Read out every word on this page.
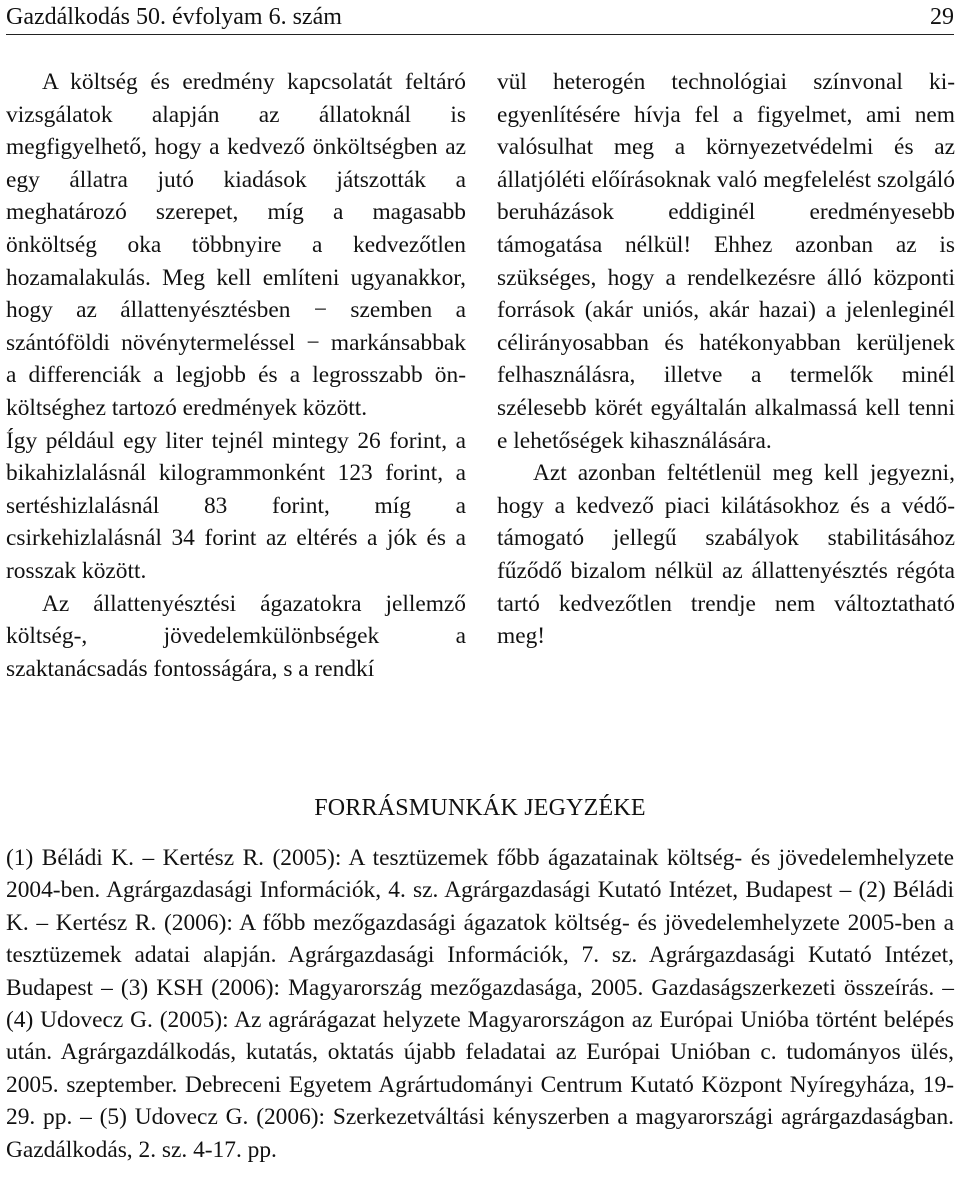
Gazdálkodás 50. évfolyam 6. szám	29

A költség és eredmény kapcsolatát feltáró vizsgálatok alapján az állatoknál is megfigyelhető, hogy a kedvező önköltségben az egy állatra jutó kiadások játszották a meghatározó szerepet, míg a magasabb önköltség oka többnyire a kedvezőtlen hozamalakulás. Meg kell említeni ugyanakkor, hogy az állattenyésztésben − szemben a szántóföldi növénytermeléssel − markánsabbak a differenciák a legjobb és a legrosszabb önköltséghez tartozó eredmények között.

Így például egy liter tejnél mintegy 26 forint, a bikahizlalásnál kilogrammonként 123 forint, a sertéshizlalásnál 83 forint, míg a csirkehizlalásnál 34 forint az eltérés a jók és a rosszak között.

Az állattenyésztési ágazatokra jellemző költség-, jövedelemkülönbségek a szaktanácsadás fontosságára, s a rendkí

vül heterogén technológiai színvonal kiegyenlítésére hívja fel a figyelmet, ami nem valósulhat meg a környezetvédelmi és az állatjóléti előírásoknak való megfelelést szolgáló beruházások eddiginél eredményesebb támogatása nélkül! Ehhez azonban az is szükséges, hogy a rendelkezésre álló központi források (akár uniós, akár hazai) a jelenleginél célirányosabban és hatékonyabban kerüljenek felhasználásra, illetve a termelők minél szélesebb körét egyáltalán alkalmassá kell tenni e lehetőségek kihasználására.

Azt azonban feltétlenül meg kell jegyezni, hogy a kedvező piaci kilátásokhoz és a védő-támogató jellegű szabályok stabilitásához fűződő bizalom nélkül az állattenyésztés régóta tartó kedvezőtlen trendje nem változtatható meg!

FORRÁSMUNKÁK JEGYZÉKE

(1) Béládi K. – Kertész R. (2005): A tesztüzemek főbb ágazatainak költség- és jövedelemhelyzete 2004-ben. Agrárgazdasági Információk, 4. sz. Agrárgazdasági Kutató Intézet, Budapest – (2) Béládi K. – Kertész R. (2006): A főbb mezőgazdasági ágazatok költség- és jövedelemhelyzete 2005-ben a tesztüzemek adatai alapján. Agrárgazdasági Információk, 7. sz. Agrárgazdasági Kutató Intézet, Budapest – (3) KSH (2006): Magyarország mezőgazdasága, 2005. Gazdaságszerkezeti összeírás. – (4) Udovecz G. (2005): Az agrárágazat helyzete Magyarországon az Európai Unióba történt belépés után. Agrárgazdálkodás, kutatás, oktatás újabb feladatai az Európai Unióban c. tudományos ülés, 2005. szeptember. Debreceni Egyetem Agrártudományi Centrum Kutató Központ Nyíregyháza, 19-29. pp. – (5) Udovecz G. (2006): Szerkezetváltási kényszerben a magyarországi agrárgazdaságban. Gazdálkodás, 2. sz. 4-17. pp.
